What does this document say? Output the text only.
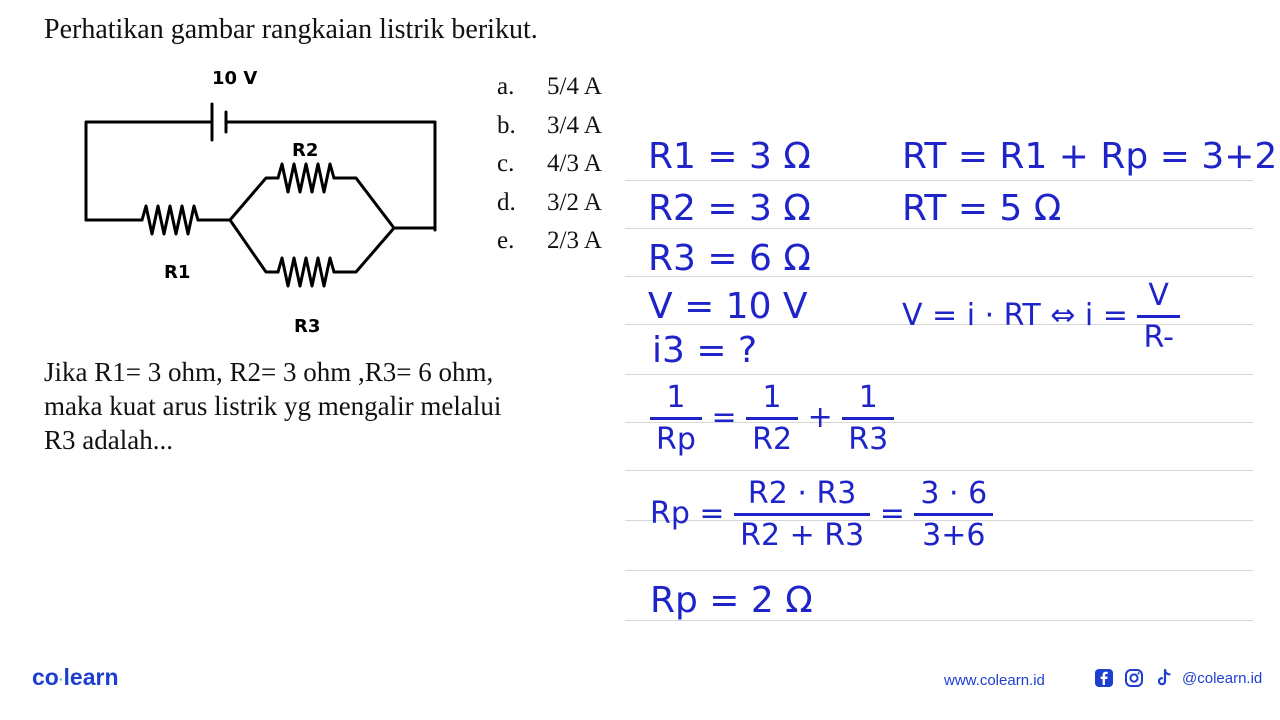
Perhatikan gambar rangkaian listrik berikut.
10 V
R2
R1
R3
a.	5/4 A
b.	3/4 A
c.	4/3 A
d.	3/2 A
e.	2/3 A
Jika R1= 3 ohm, R2= 3 ohm ,R3= 6 ohm,
maka kuat arus listrik yg mengalir melalui
R3 adalah...
R1 = 3 Ω
R2 = 3 Ω
R3 = 6 Ω
V = 10 V
i3 = ?
$\frac{1}{Rp} = \frac{1}{R2} + \frac{1}{R3}$
$Rp = \frac{R2 \cdot R3}{R2 + R3} = \frac{3 \cdot 6}{3+6}$
Rp = 2 Ω
RT = R1 + Rp = 3+2
RT = 5 Ω
V = i · RT ⇔ $i = \frac{V}{R-}$
co·learn	www.colearn.id	@colearn.id
